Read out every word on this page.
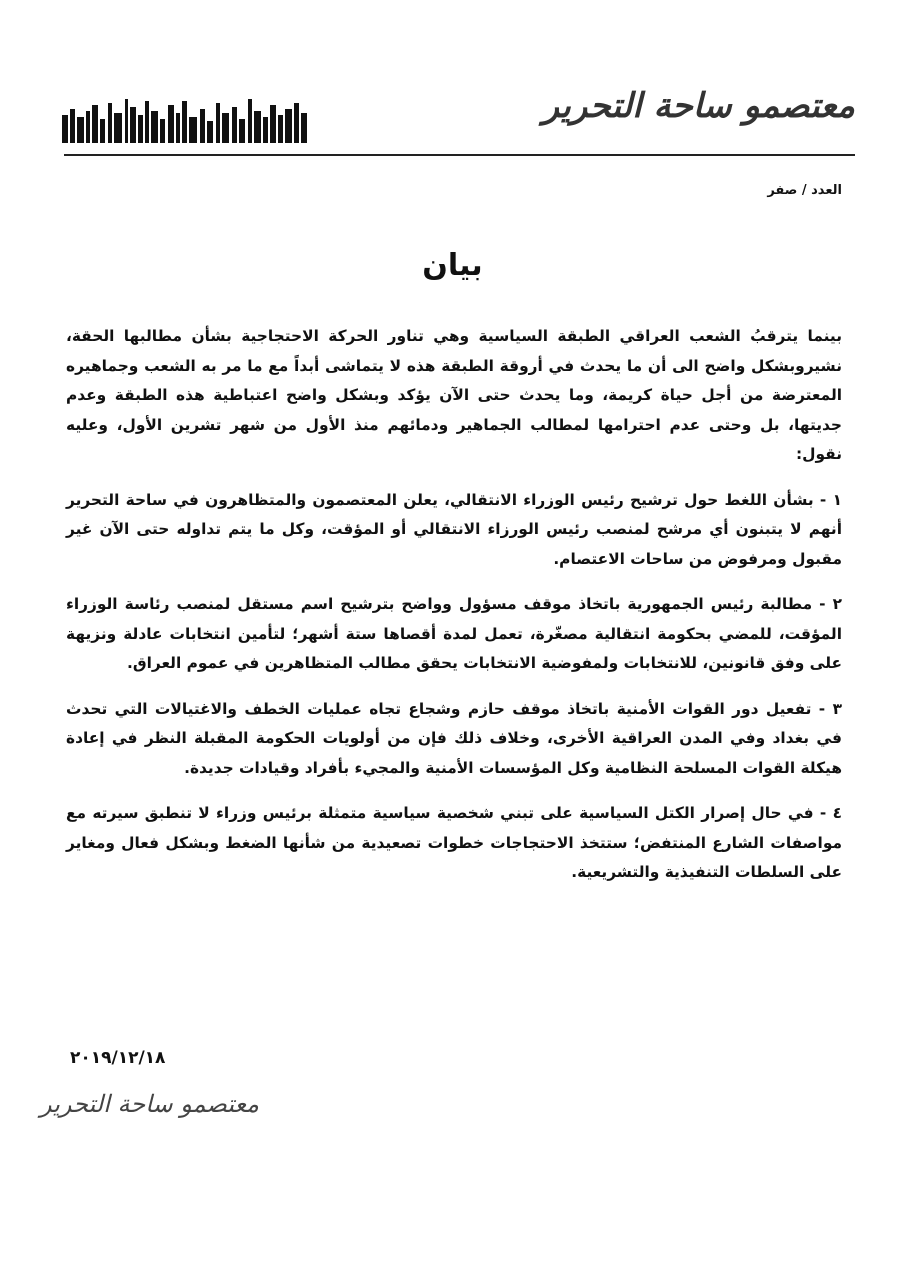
معتصمو ساحة التحرير
العدد / صفر
بيان

بينما يترقبُ الشعب العراقي الطبقة السياسية وهي تناور الحركة الاحتجاجية بشأن مطالبها الحقة، نشيروبشكل واضح الى أن ما يحدث في أروقة الطبقة هذه لا يتماشى أبداً مع ما مر به الشعب وجماهيره المعترضة من أجل حياة كريمة، وما يحدث حتى الآن يؤكد وبشكل واضح اعتباطية هذه الطبقة وعدم جديتها، بل وحتى عدم احترامها لمطالب الجماهير ودمائهم منذ الأول من شهر تشرين الأول، وعليه نقول:

١ - بشأن اللغط حول ترشيح رئيس الوزراء الانتقالي، يعلن المعتصمون والمتظاهرون في ساحة التحرير أنهم لا يتبنون أي مرشح لمنصب رئيس الورزاء الانتقالي أو المؤقت، وكل ما يتم تداوله حتى الآن غير مقبول ومرفوض من ساحات الاعتصام.

٢ - مطالبة رئيس الجمهورية باتخاذ موقف مسؤول وواضح بترشيح اسم مستقل لمنصب رئاسة الوزراء المؤقت، للمضي بحكومة انتقالية مصغّرة، تعمل لمدة أقصاها ستة أشهر؛ لتأمين انتخابات عادلة ونزيهة على وفق قانونين، للانتخابات ولمفوضية الانتخابات يحقق مطالب المتظاهرين في عموم العراق.

٣ - تفعيل دور القوات الأمنية باتخاذ موقف حازم وشجاع تجاه عمليات الخطف والاغتيالات التي تحدث في بغداد وفي المدن العراقية الأخرى، وخلاف ذلك فإن من أولويات الحكومة المقبلة النظر في إعادة هيكلة القوات المسلحة النظامية وكل المؤسسات الأمنية والمجيء بأفراد وقيادات جديدة.

٤ - في حال إصرار الكتل السياسية على تبني شخصية سياسية متمثلة برئيس وزراء لا تنطبق سيرته مع مواصفات الشارع المنتفض؛ ستتخذ الاحتجاجات خطوات تصعيدية من شأنها الضغط وبشكل فعال ومغاير على السلطات التنفيذية والتشريعية.

٢٠١٩/١٢/١٨
معتصمو ساحة التحرير
